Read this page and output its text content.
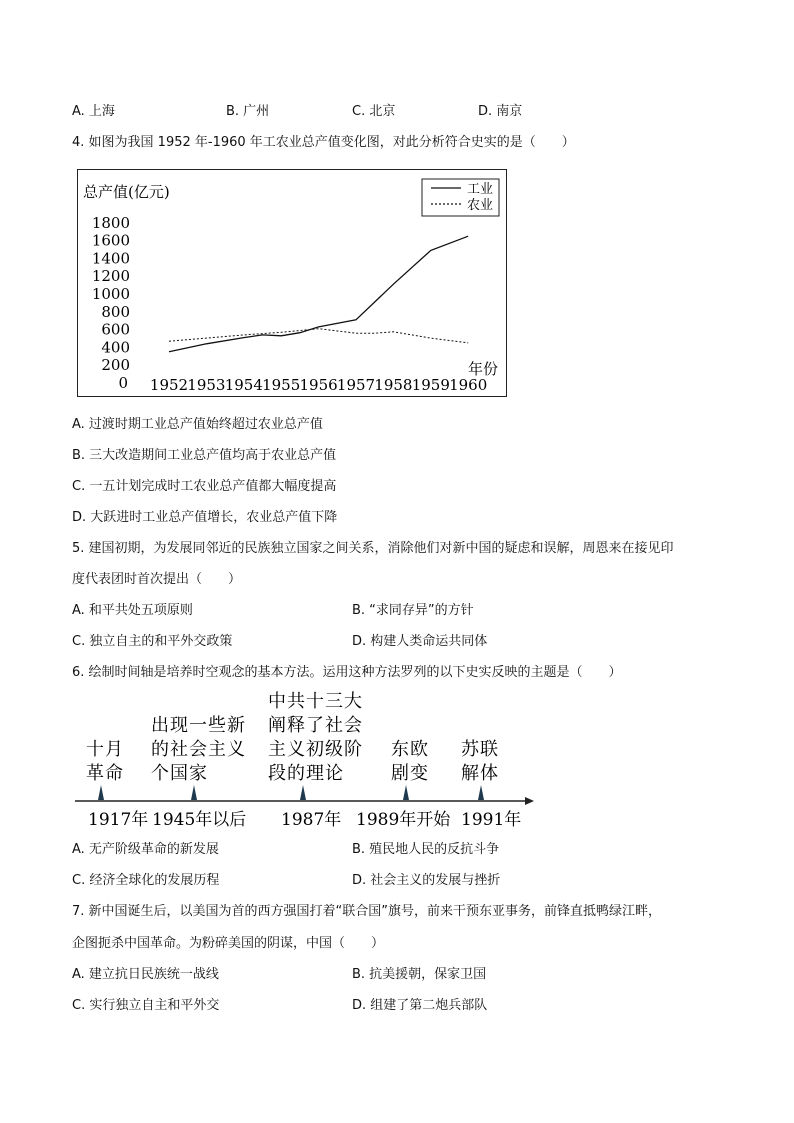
A. 上海	B. 广州	C. 北京	D. 南京
4. 如图为我国 1952 年-1960 年工农业总产值变化图，对此分析符合史实的是（　　）
总产值(亿元)
200
400
600
800
1000
1200
1400
1600
1800
0 1952 1953 1954 1955 1956 1957 1958 1959 1960
年份
工业
农业
A. 过渡时期工业总产值始终超过农业总产值
B. 三大改造期间工业总产值均高于农业总产值
C. 一五计划完成时工农业总产值都大幅度提高
D. 大跃进时工业总产值增长，农业总产值下降
5. 建国初期，为发展同邻近的民族独立国家之间关系，消除他们对新中国的疑虑和误解，周恩来在接见印
度代表团时首次提出（　　）
A. 和平共处五项原则	B. “求同存异”的方针
C. 独立自主的和平外交政策	D. 构建人类命运共同体
6. 绘制时间轴是培养时空观念的基本方法。运用这种方法罗列的以下史实反映的主题是（　　）
1917年
十月
革命
1945年以后
出现一些新
的社会主义
个国家
1987年
中共十三大
阐释了社会
主义初级阶
段的理论
1989年开始
东欧
剧变
1991年
苏联
解体
A. 无产阶级革命的新发展	B. 殖民地人民的反抗斗争
C. 经济全球化的发展历程	D. 社会主义的发展与挫折
7. 新中国诞生后，以美国为首的西方强国打着“联合国”旗号，前来干预东亚事务，前锋直抵鸭绿江畔，
企图扼杀中国革命。为粉碎美国的阴谋，中国（　　）
A. 建立抗日民族统一战线	B. 抗美援朝，保家卫国
C. 实行独立自主和平外交	D. 组建了第二炮兵部队
